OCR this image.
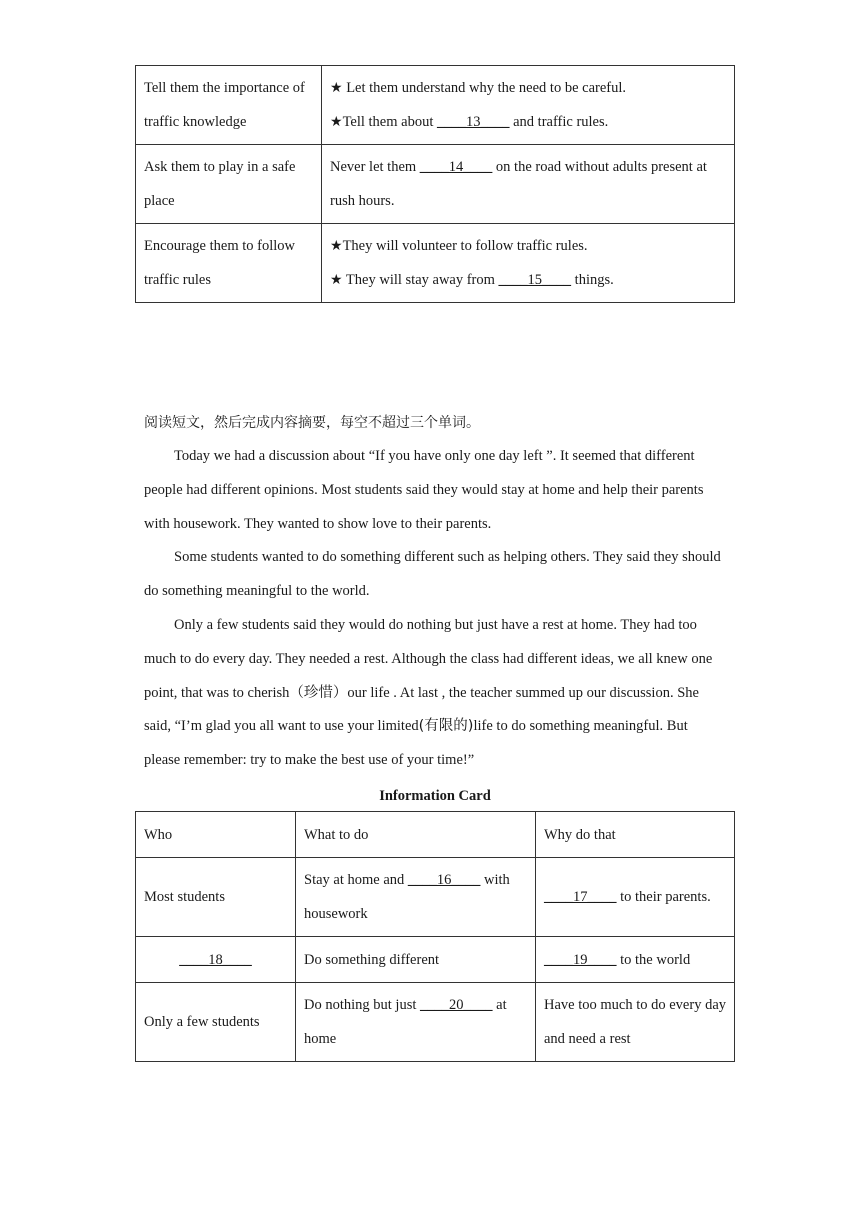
Tell them the importance of traffic knowledge	★ Let them understand why the need to be careful.
★Tell them about ____13____ and traffic rules.

Ask them to play in a safe place	Never let them ____14____ on the road without adults present at rush hours.
Encourage them to follow traffic rules	★They will volunteer to follow traffic rules.
★ They will stay away from ____15____ things.

阅读短文，然后完成内容摘要，每空不超过三个单词。

Today we had a discussion about “If you have only one day left ”. It seemed that different people had different opinions. Most students said they would stay at home and help their parents with housework. They wanted to show love to their parents.

Some students wanted to do something different such as helping others. They said they should do something meaningful to the world.

Only a few students said they would do nothing but just have a rest at home. They had too much to do every day. They needed a rest. Although the class had different ideas, we all knew one point, that was to cherish（珍惜）our life . At last , the teacher summed up our discussion. She said, “I’m glad you all want to use your limited(有限的)life to do something meaningful. But please remember: try to make the best use of your time!”

Information Card

Who	What to do	Why do that
Most students	Stay at home and ____16____ with housework	____17____ to their parents.
____18____	Do something different	____19____ to the world
Only a few students	Do nothing but just ____20____ at home	Have too much to do every day and need a rest
